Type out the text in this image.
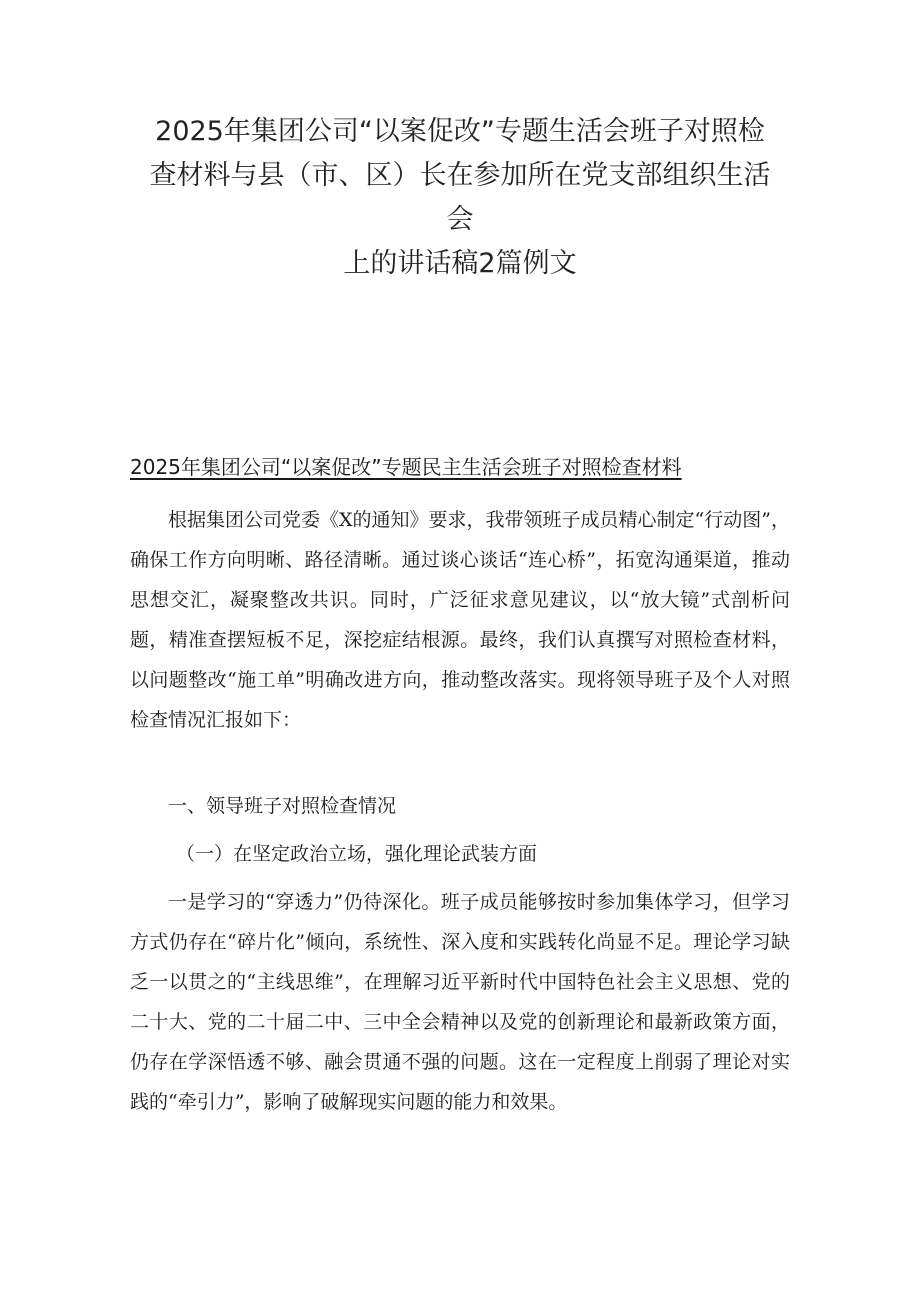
2025年集团公司“以案促改”专题生活会班子对照检
查材料与县（市、区）长在参加所在党支部组织生活
会
上的讲话稿2篇例文
2025年集团公司“以案促改”专题民主生活会班子对照检查材料

根据集团公司党委《X的通知》要求，我带领班子成员精心制定“行动图”，确保工作方向明晰、路径清晰。通过谈心谈话“连心桥”，拓宽沟通渠道，推动思想交汇，凝聚整改共识。同时，广泛征求意见建议，以“放大镜”式剖析问题，精准查摆短板不足，深挖症结根源。最终，我们认真撰写对照检查材料，以问题整改“施工单”明确改进方向，推动整改落实。现将领导班子及个人对照检查情况汇报如下：

一、领导班子对照检查情况
（一）在坚定政治立场，强化理论武装方面

一是学习的“穿透力”仍待深化。班子成员能够按时参加集体学习，但学习方式仍存在“碎片化”倾向，系统性、深入度和实践转化尚显不足。理论学习缺乏一以贯之的“主线思维”，在理解习近平新时代中国特色社会主义思想、党的二十大、党的二十届二中、三中全会精神以及党的创新理论和最新政策方面，仍存在学深悟透不够、融会贯通不强的问题。这在一定程度上削弱了理论对实践的“牵引力”，影响了破解现实问题的能力和效果。
